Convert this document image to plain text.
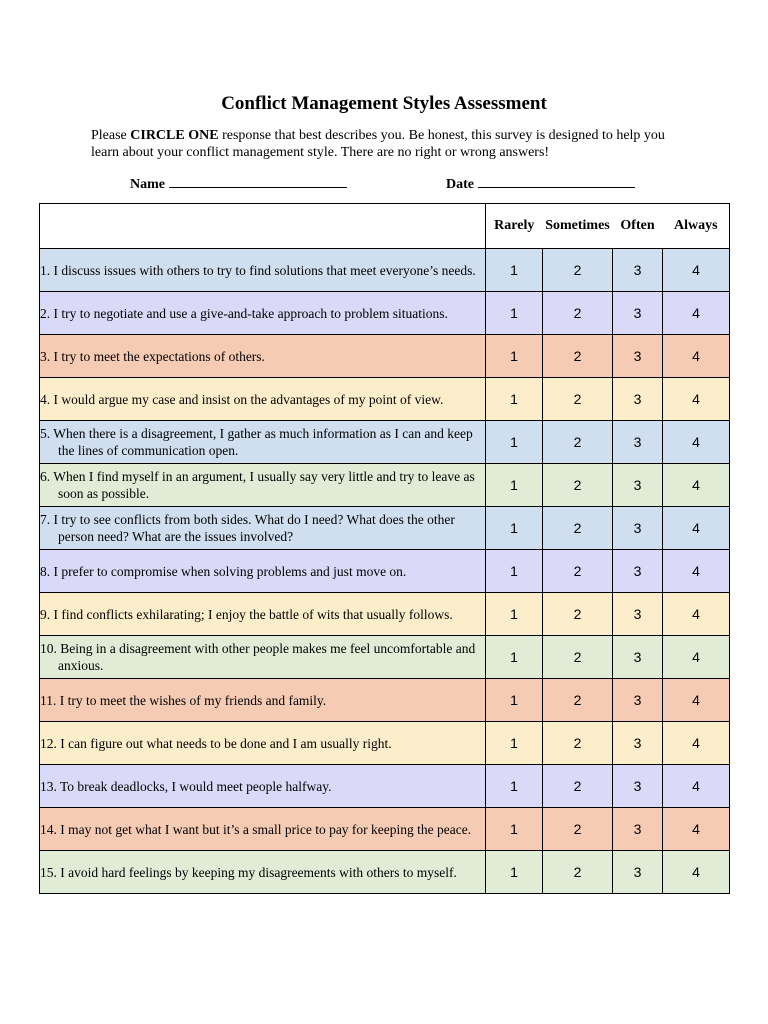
Conflict Management Styles Assessment
Please CIRCLE ONE response that best describes you. Be honest, this survey is designed to help you learn about your conflict management style. There are no right or wrong answers!
Name	Date
	Rarely	Sometimes	Often	Always

1. I discuss issues with others to try to find solutions that meet everyone’s needs.	1	2	3	4

2. I try to negotiate and use a give-and-take approach to problem situations.	1	2	3	4

3. I try to meet the expectations of others.	1	2	3	4

4. I would argue my case and insist on the advantages of my point of view.	1	2	3	4

5. When there is a disagreement, I gather as much information as I can and keep the lines of communication open.	1	2	3	4

6. When I find myself in an argument, I usually say very little and try to leave as soon as possible.	1	2	3	4

7. I try to see conflicts from both sides. What do I need? What does the other person need? What are the issues involved?	1	2	3	4

8. I prefer to compromise when solving problems and just move on.	1	2	3	4

9. I find conflicts exhilarating; I enjoy the battle of wits that usually follows.	1	2	3	4

10. Being in a disagreement with other people makes me feel uncomfortable and anxious.	1	2	3	4

11. I try to meet the wishes of my friends and family.	1	2	3	4

12. I can figure out what needs to be done and I am usually right.	1	2	3	4

13. To break deadlocks, I would meet people halfway.	1	2	3	4

14. I may not get what I want but it’s a small price to pay for keeping the peace.	1	2	3	4

15. I avoid hard feelings by keeping my disagreements with others to myself.	1	2	3	4
